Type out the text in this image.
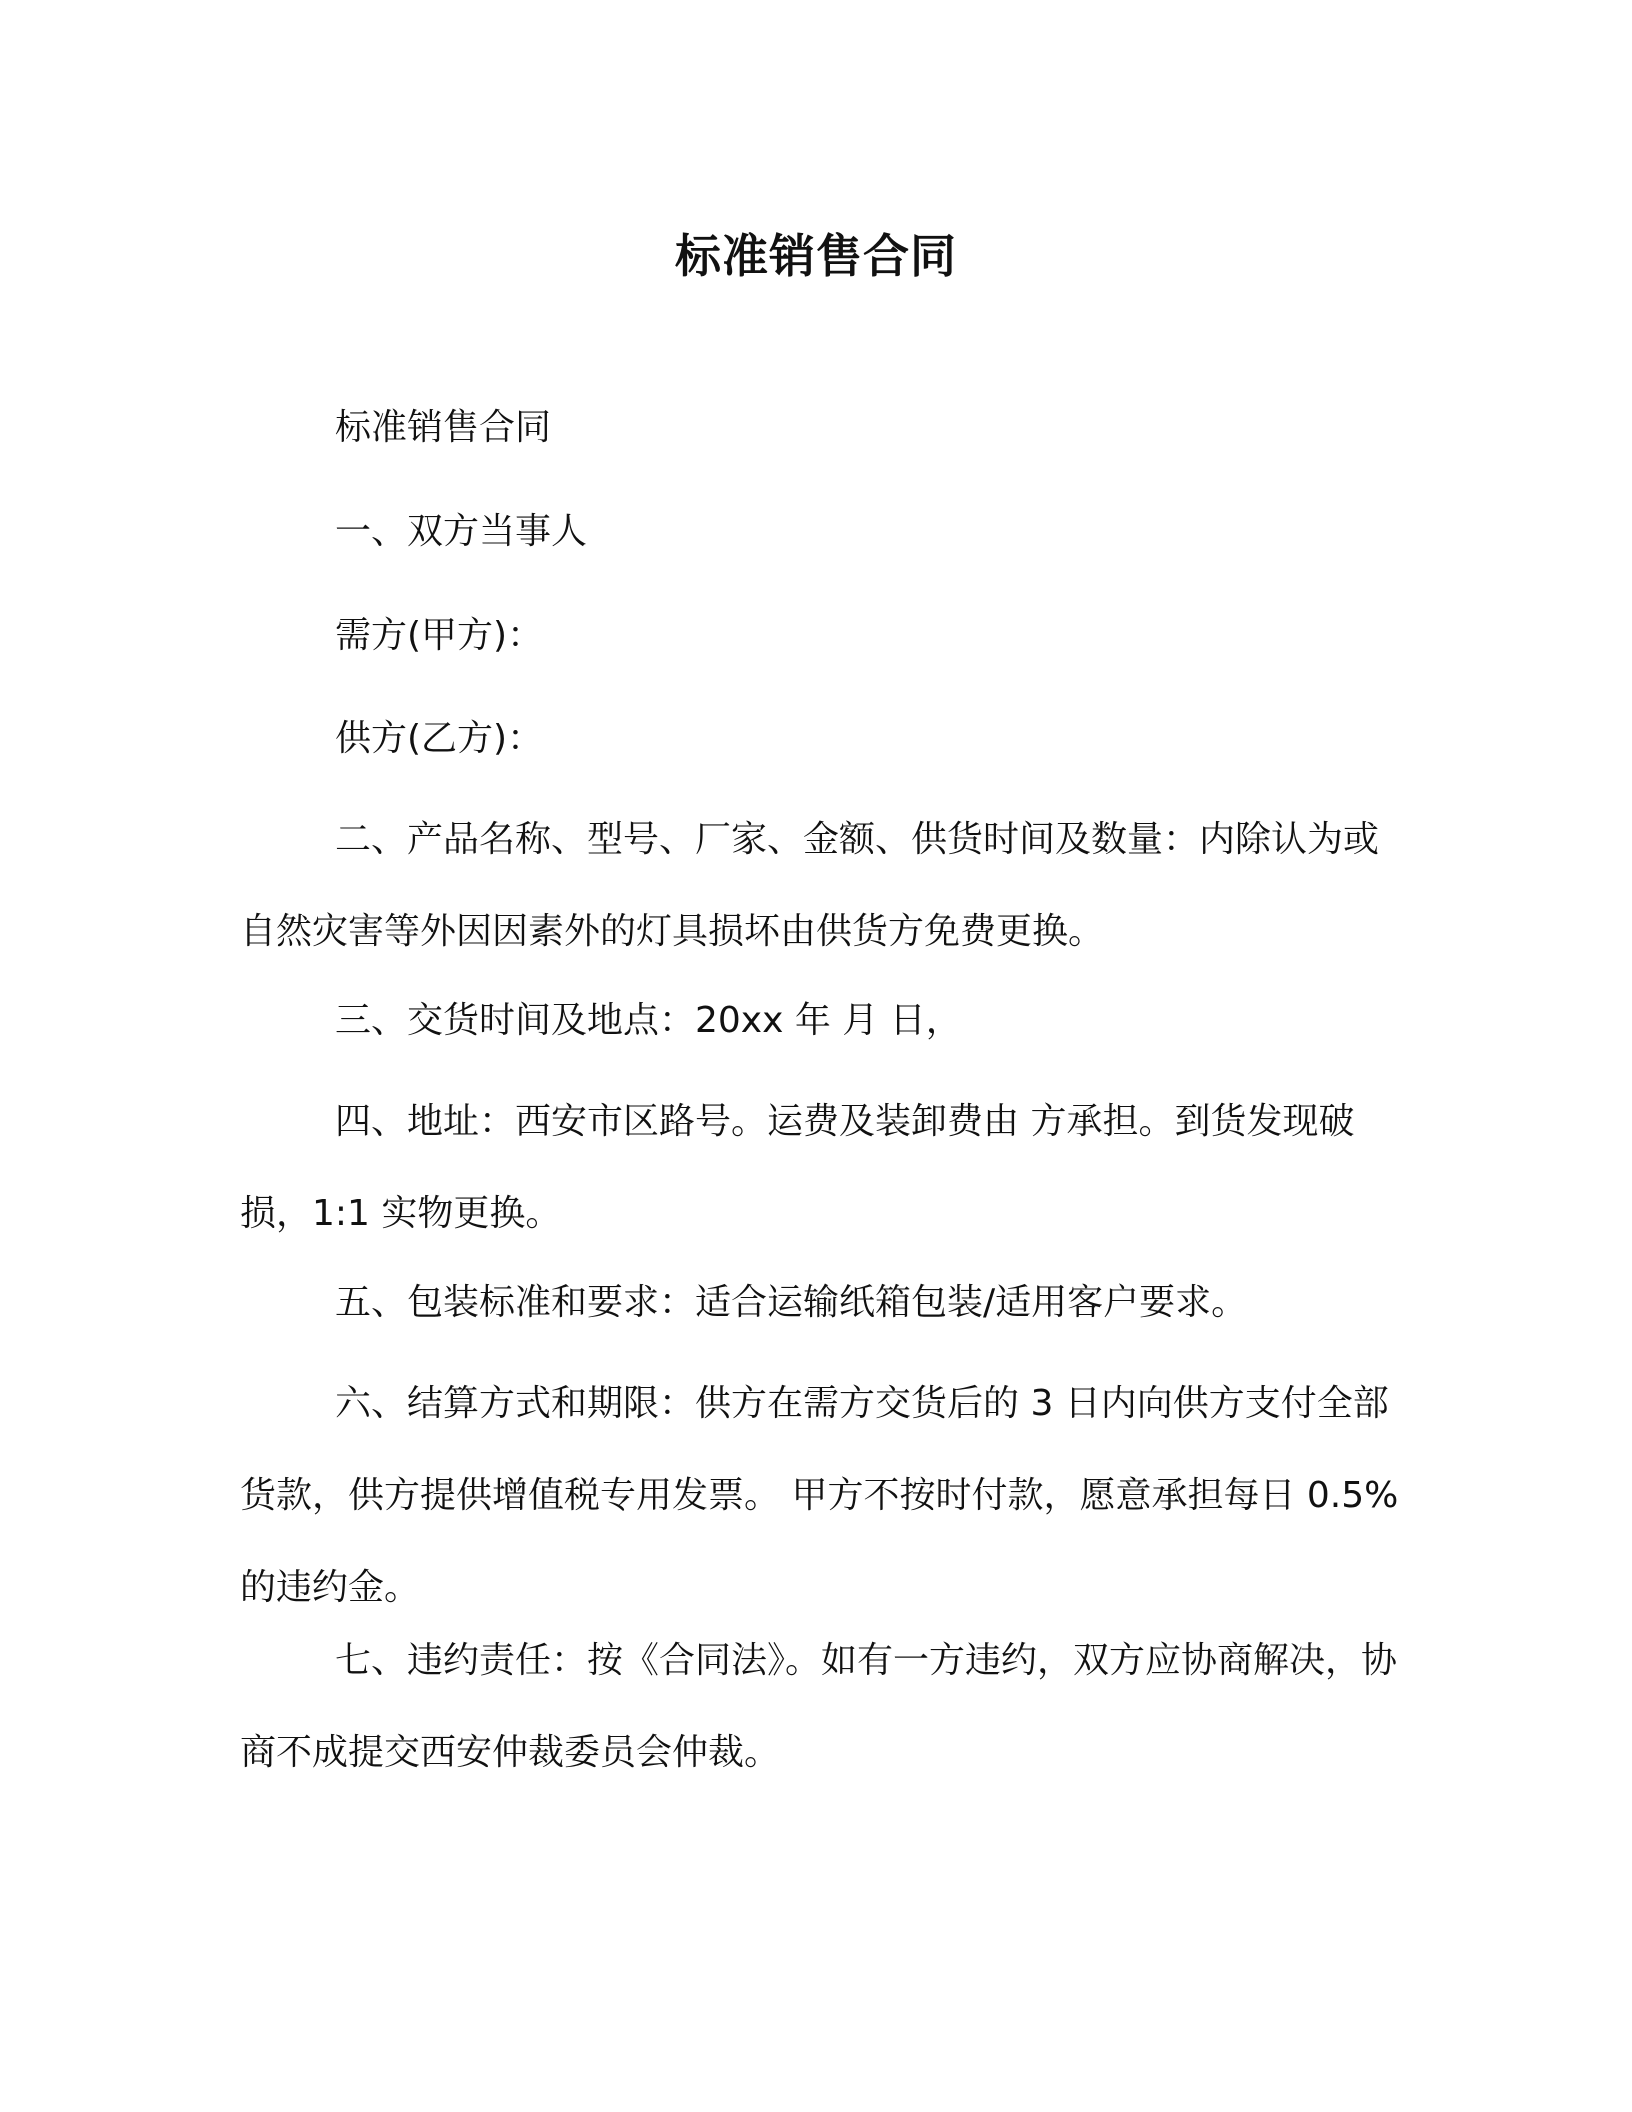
标准销售合同

标准销售合同

一、双方当事人

需方(甲方)：

供方(乙方)：

二、产品名称、型号、厂家、金额、供货时间及数量：内除认为或自然灾害等外因因素外的灯具损坏由供货方免费更换。

三、交货时间及地点：20xx 年 月 日，

四、地址：西安市区路号。运费及装卸费由 方承担。到货发现破损，1:1 实物更换。

五、包装标准和要求：适合运输纸箱包装/适用客户要求。

六、结算方式和期限：供方在需方交货后的 3 日内向供方支付全部货款，供方提供增值税专用发票。 甲方不按时付款，愿意承担每日 0.5%的违约金。

七、违约责任：按《合同法》。如有一方违约，双方应协商解决，协商不成提交西安仲裁委员会仲裁。
